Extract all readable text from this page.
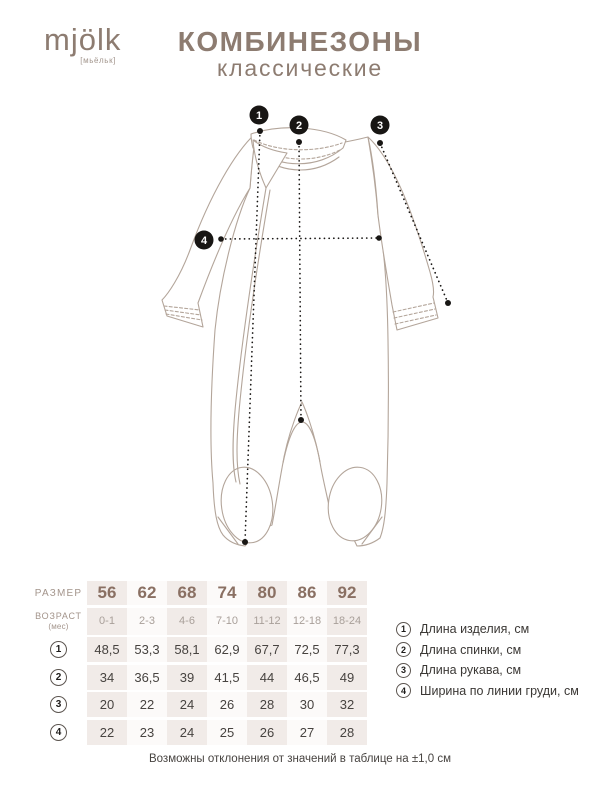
mjölk
[мьёльк]
КОМБИНЕЗОНЫ
классические
1
2	3
4
РАЗМЕР 56	62	68	74	80	86	92
ВОЗРАСТ
(мес)	0-1	2-3	4-6	7-10	11-12	12-18	18-24
1	48,5	53,3	58,1	62,9	67,7	72,5	77,3
2	34	36,5	39	41,5	44	46,5	49
3	20	22	24	26	28	30	32
4	22	23	24	25	26	27	28
1	Длина изделия, см
2	Длина спинки, см
3	Длина рукава, см
4	Ширина по линии груди, см
Возможны отклонения от значений в таблице на ±1,0 см
